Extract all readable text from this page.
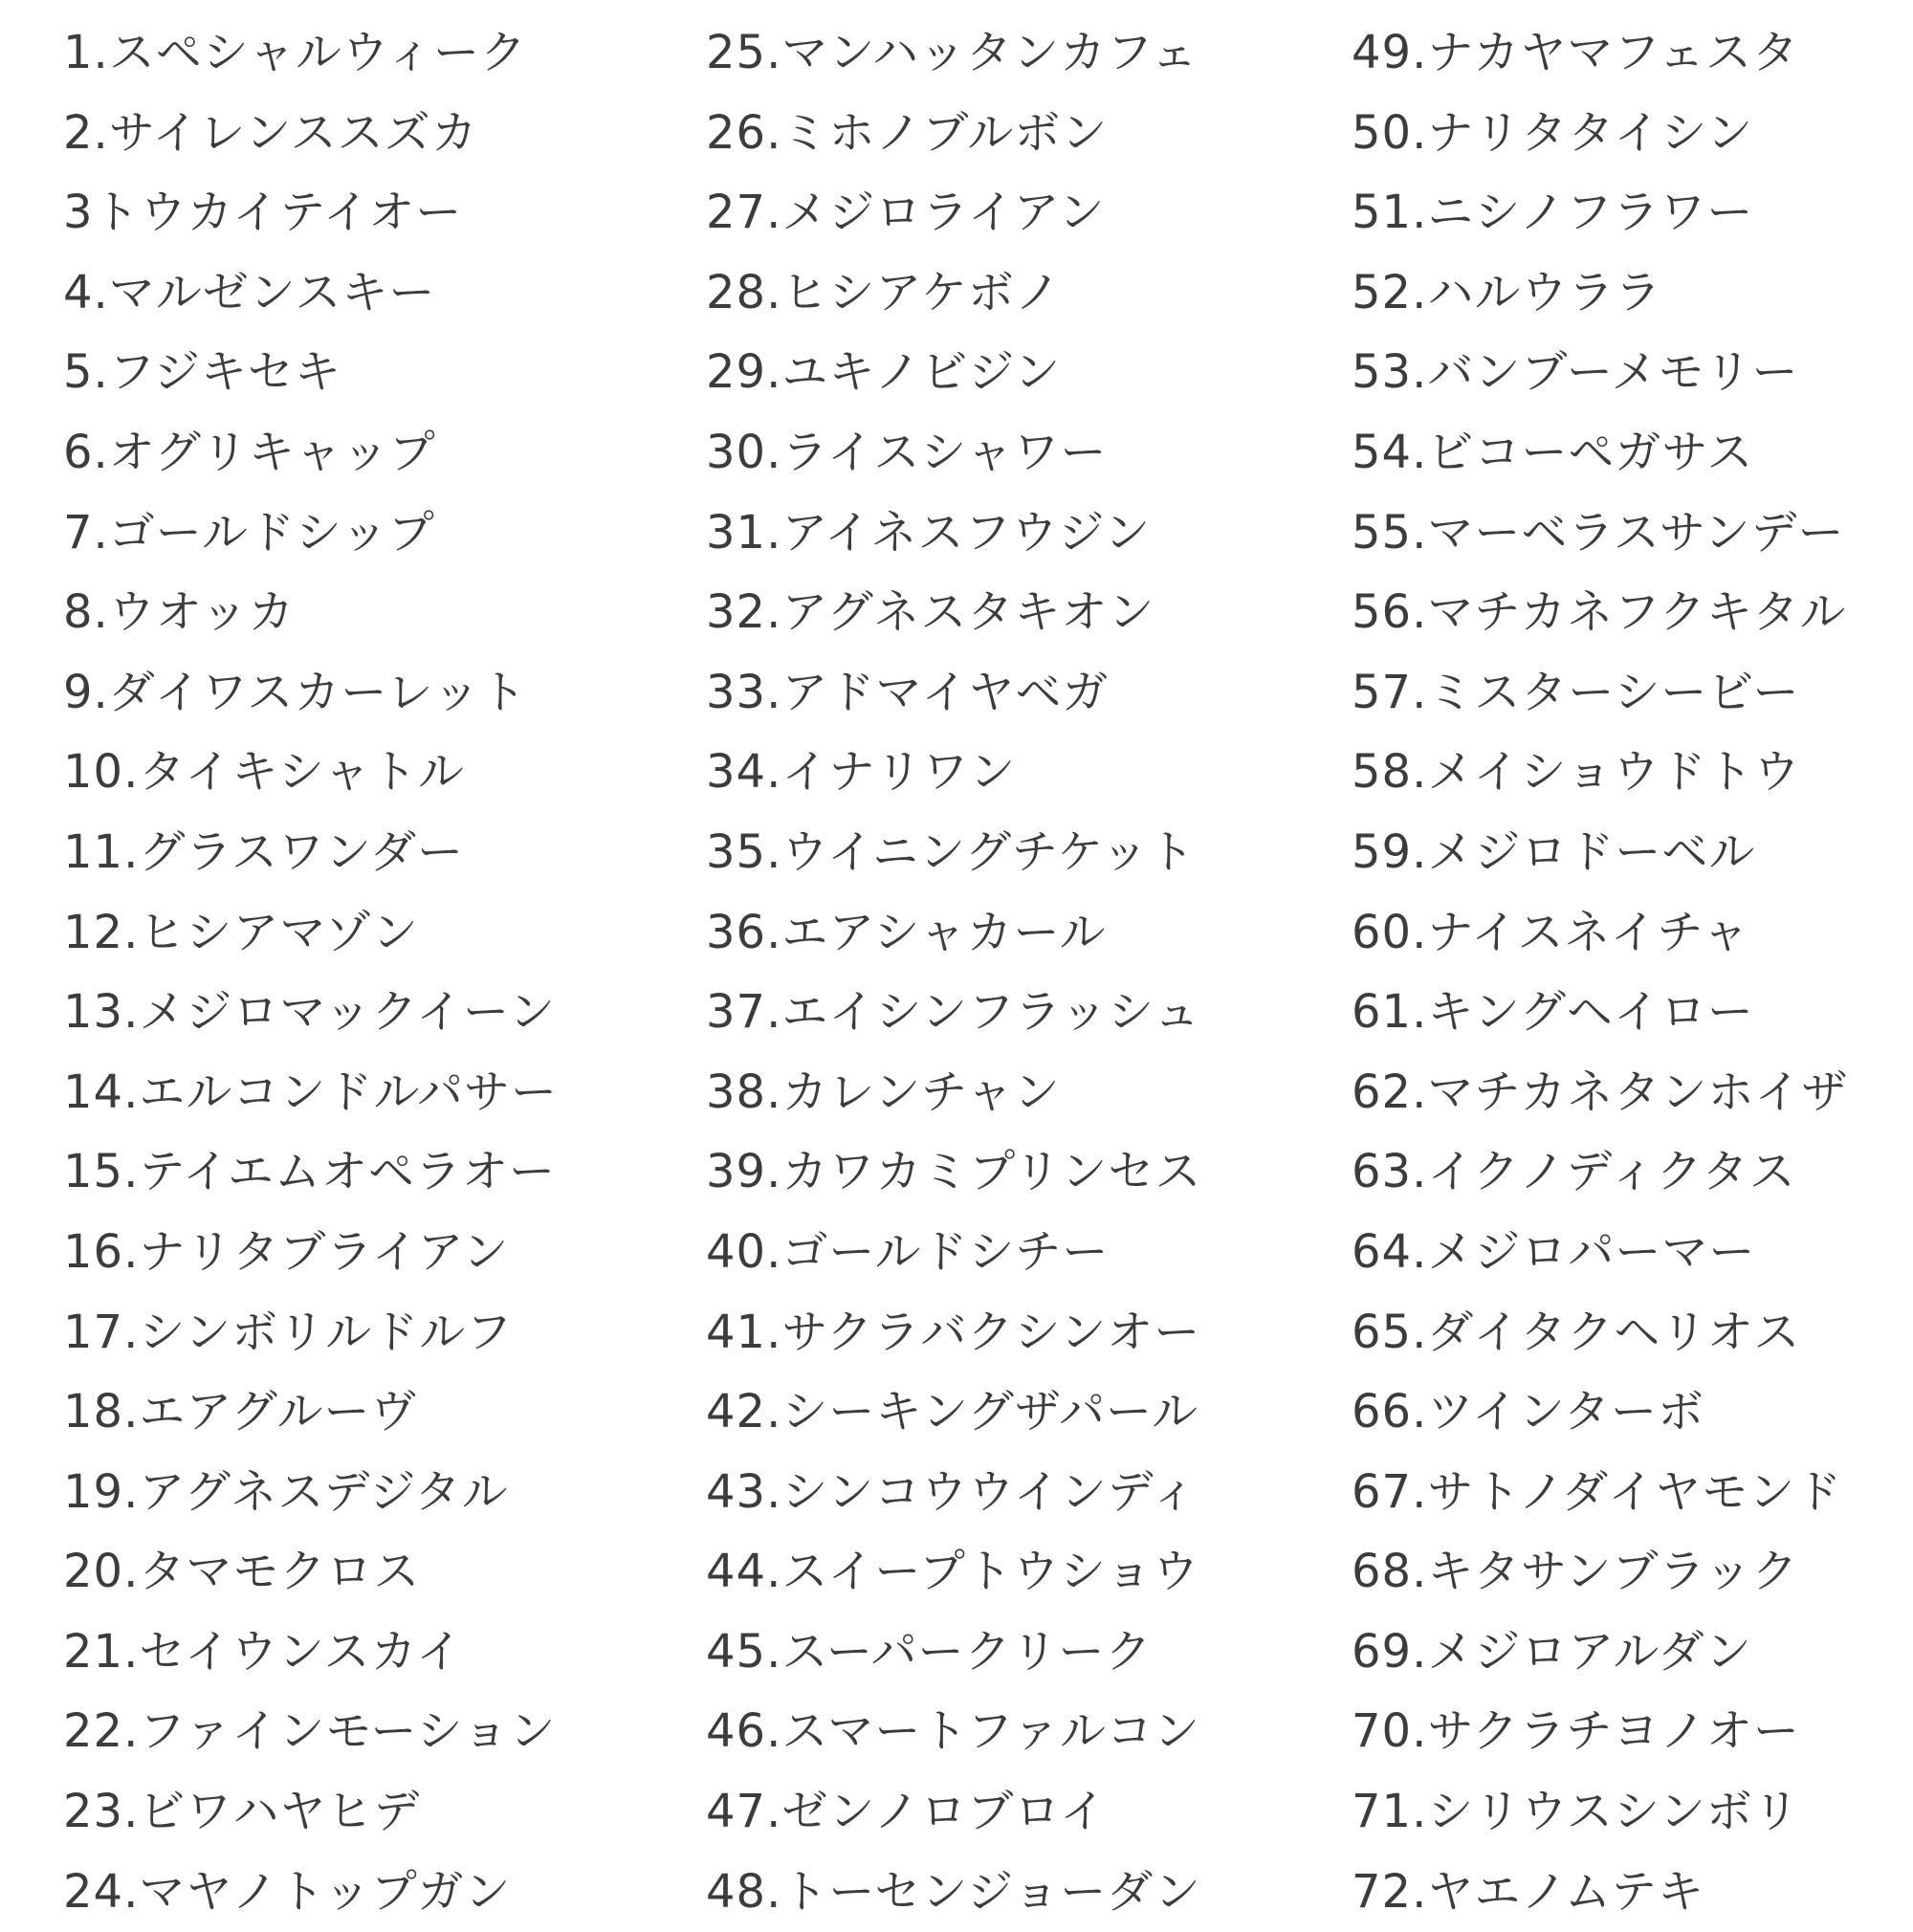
1.スペシャルウィーク
2.サイレンススズカ
3トウカイテイオー
4.マルゼンスキー
5.フジキセキ
6.オグリキャップ
7.ゴールドシップ
8.ウオッカ
9.ダイワスカーレット
10.タイキシャトル
11.グラスワンダー
12.ヒシアマゾン
13.メジロマックイーン
14.エルコンドルパサー
15.テイエムオペラオー
16.ナリタブライアン
17.シンボリルドルフ
18.エアグルーヴ
19.アグネスデジタル
20.タマモクロス
21.セイウンスカイ
22.ファインモーション
23.ビワハヤヒデ
24.マヤノトップガン
25.マンハッタンカフェ
26.ミホノブルボン
27.メジロライアン
28.ヒシアケボノ
29.ユキノビジン
30.ライスシャワー
31.アイネスフウジン
32.アグネスタキオン
33.アドマイヤベガ
34.イナリワン
35.ウイニングチケット
36.エアシャカール
37.エイシンフラッシュ
38.カレンチャン
39.カワカミプリンセス
40.ゴールドシチー
41.サクラバクシンオー
42.シーキングザパール
43.シンコウウインディ
44.スイープトウショウ
45.スーパークリーク
46.スマートファルコン
47.ゼンノロブロイ
48.トーセンジョーダン
49.ナカヤマフェスタ
50.ナリタタイシン
51.ニシノフラワー
52.ハルウララ
53.バンブーメモリー
54.ビコーペガサス
55.マーベラスサンデー
56.マチカネフクキタル
57.ミスターシービー
58.メイショウドトウ
59.メジロドーベル
60.ナイスネイチャ
61.キングヘイロー
62.マチカネタンホイザ
63.イクノディクタス
64.メジロパーマー
65.ダイタクヘリオス
66.ツインターボ
67.サトノダイヤモンド
68.キタサンブラック
69.メジロアルダン
70.サクラチヨノオー
71.シリウスシンボリ
72.ヤエノムテキ
